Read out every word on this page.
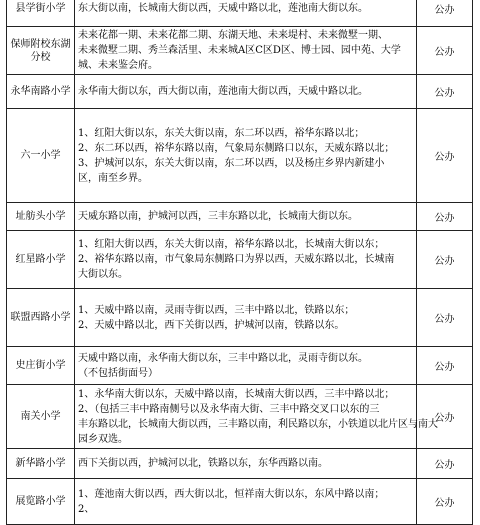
县学街小学	东大街以南，长城南大街以西，天威中路以北，莲池南大街以东。	公办
保师附校东湖分校	未来花都一期、未来花都二期、东湖天地、未来堤村、未来微墅一期、
未来微墅二期、秀兰森活里、未来城A区C区D区、博士园、园中苑、大学
城、未来鉴会府。	公办
永华南路小学	永华南大街以东，西大街以南，莲池南大街以西，天威中路以北。	公办
六一小学	1、红阳大街以东，东关大街以南，东二环以西，裕华东路以北；
2、东二环以西，裕华东路以南，气象局东侧路口以东，天威东路以北；
3、护城河以东，东关大街以南，东二环以西，以及杨庄乡界内新建小
区，南至乡界。	公办
址舫头小学	天威东路以南，护城河以西，三丰东路以北，长城南大街以东。	公办
红星路小学	1、红阳大街以西，东关大街以南，裕华东路以北，长城南大街以东；
2、裕华东路以南，市气象局东侧路口为界以西，天威东路以北，长城南
大街以东。	公办
联盟西路小学	1、天威中路以南，灵雨寺街以西，三丰中路以北，铁路以东；
2、天威中路以北，西下关街以西，护城河以南，铁路以东。	公办
史庄街小学	天威中路以南，永华南大街以东，三丰中路以北，灵雨寺街以东。
（不包括街面号）	公办
南关小学	1、永华南大街以东，天威中路以南，长城南大街以西，三丰中路以北；
2、（包括三丰中路南侧号以及永华南大街、三丰中路交叉口以东的三
丰东路以北，长城南大街以西，三丰路以南，利民路以东，小铁道以北片区与南大
园乡双选。	公办
新华路小学	西下关街以西，护城河以北，铁路以东，东华西路以南。	公办
展览路小学	1、莲池南大街以西，西大街以北，恒祥南大街以东，东风中路以南；
2、	公办
